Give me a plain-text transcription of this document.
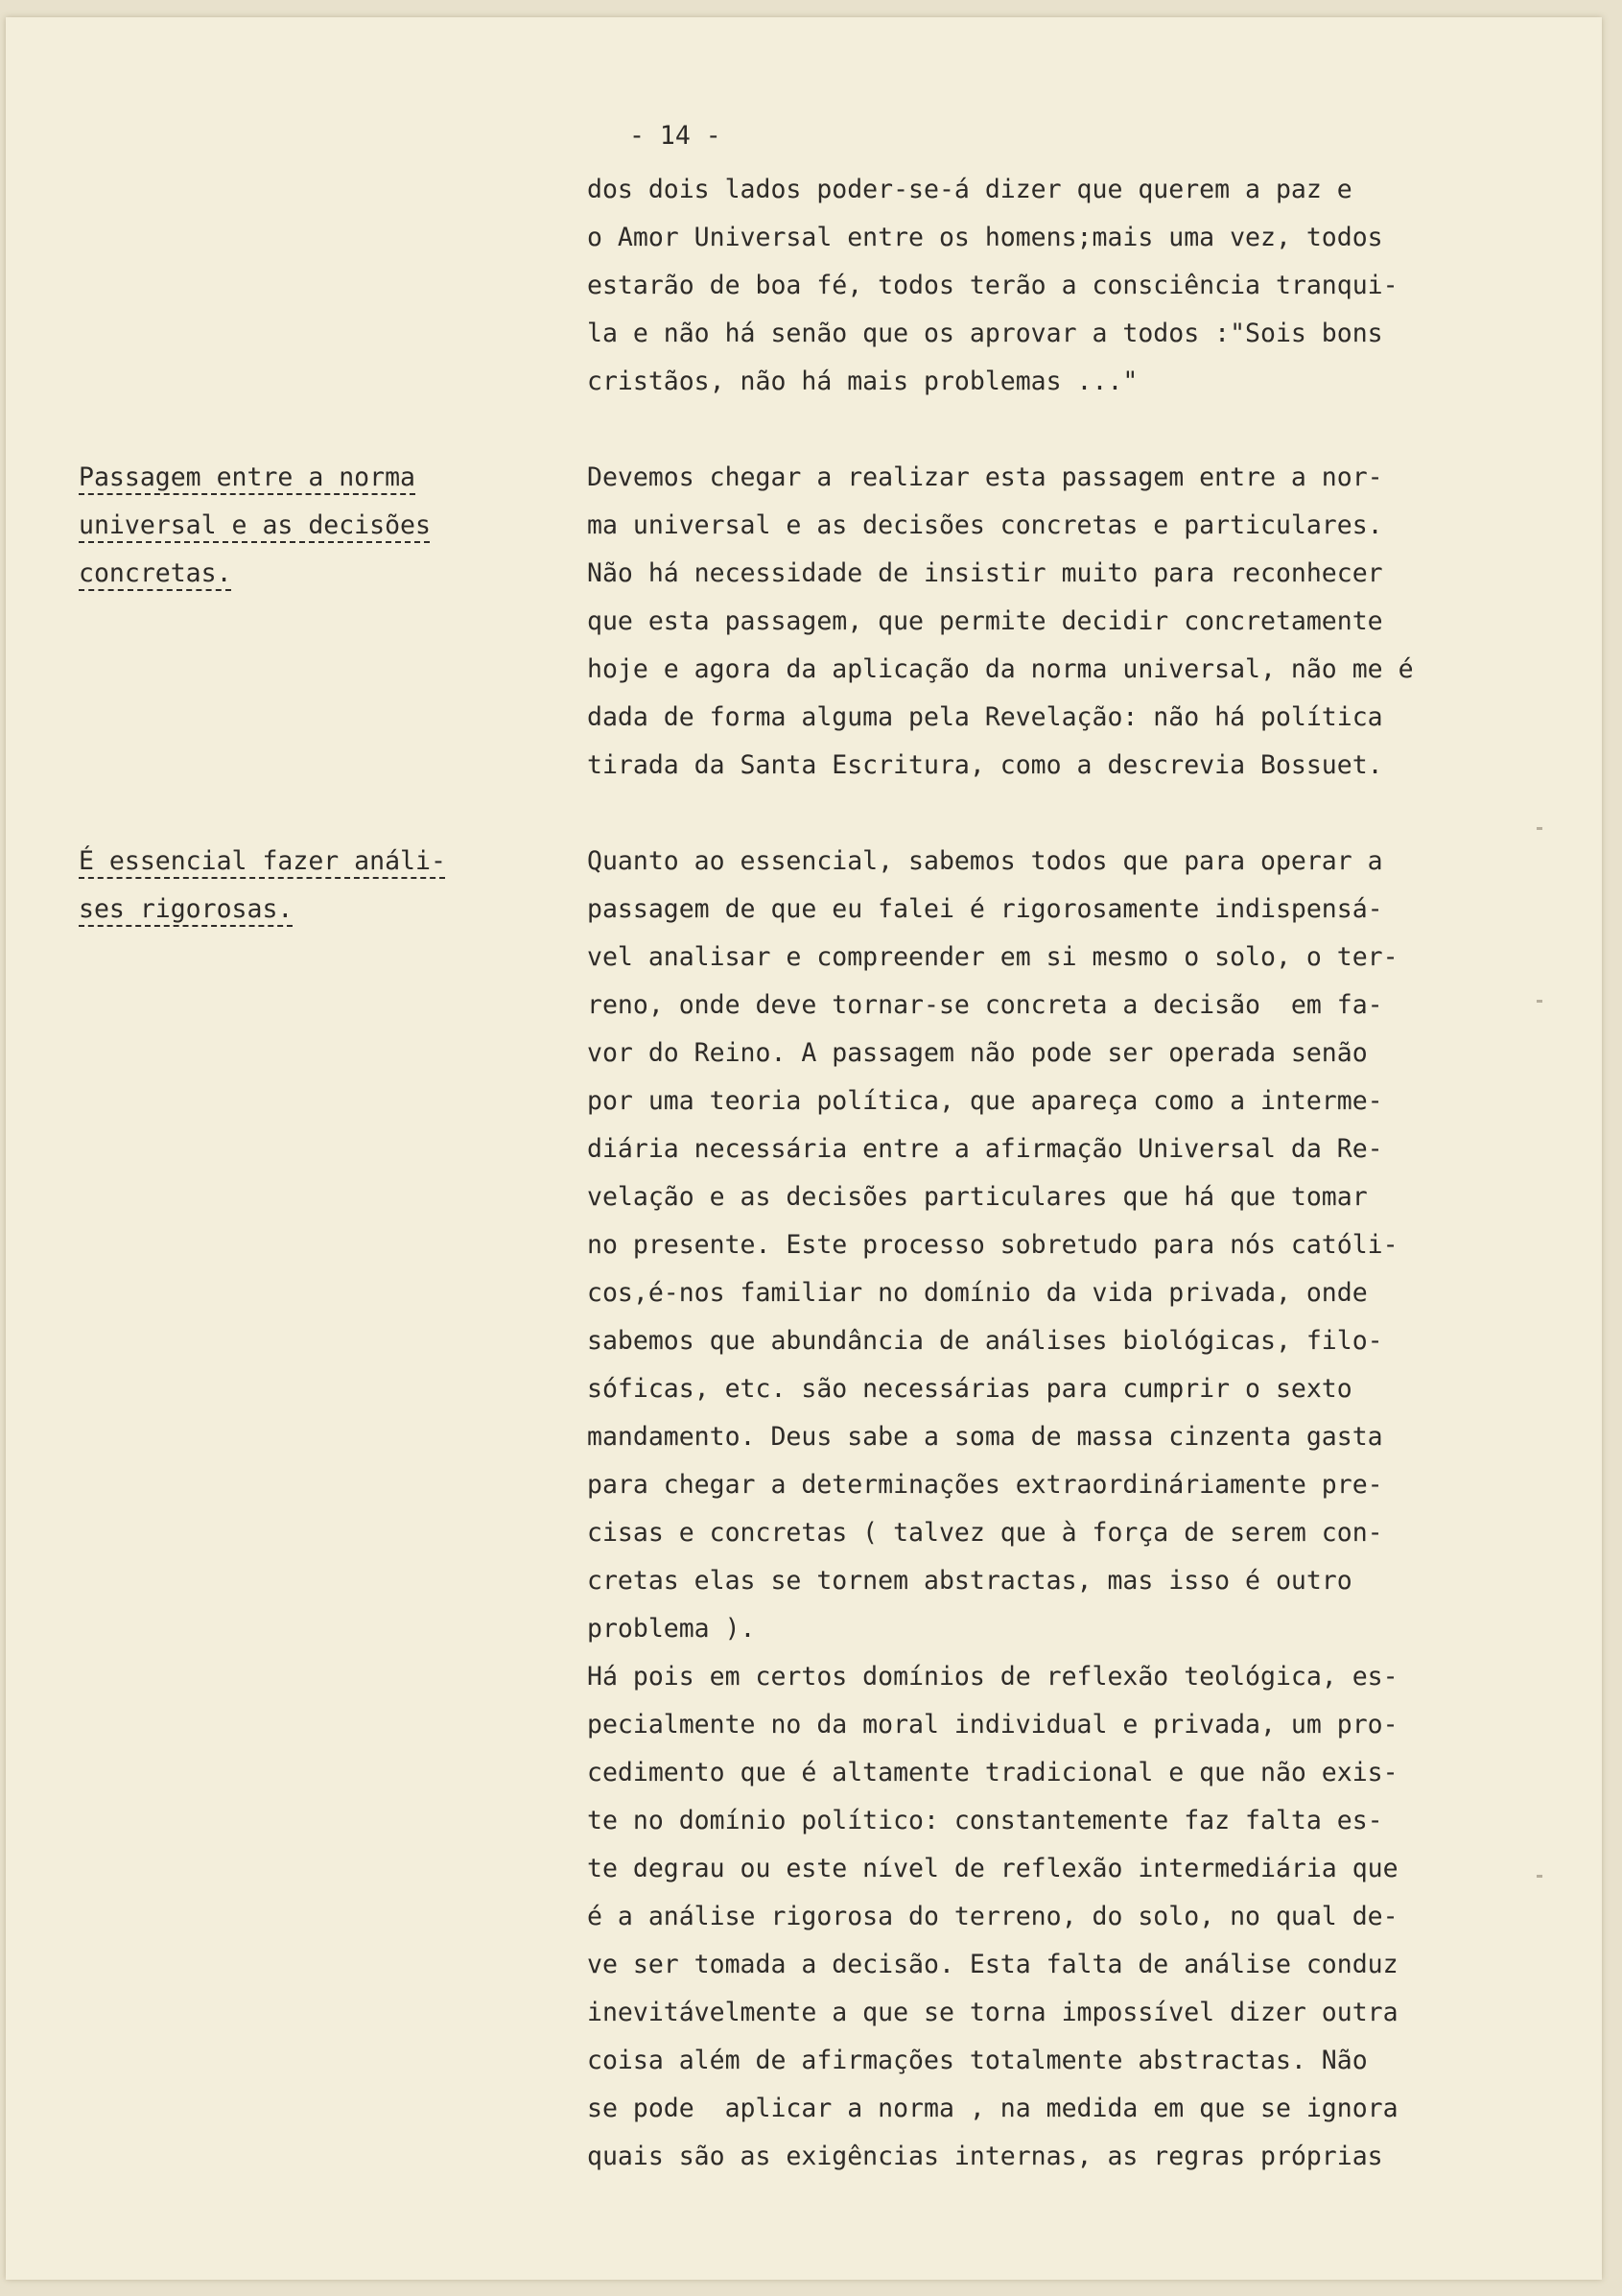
- 14 -
dos dois lados poder-se-á dizer que querem a paz e
o Amor Universal entre os homens;mais uma vez, todos
estarão de boa fé, todos terão a consciência tranqui-
la e não há senão que os aprovar a todos :"Sois bons
cristãos, não há mais problemas ..."
Devemos chegar a realizar esta passagem entre a nor-
ma universal e as decisões concretas e particulares.
Não há necessidade de insistir muito para reconhecer
que esta passagem, que permite decidir concretamente
hoje e agora da aplicação da norma universal, não me é
dada de forma alguma pela Revelação: não há política
tirada da Santa Escritura, como a descrevia Bossuet.
Quanto ao essencial, sabemos todos que para operar a
passagem de que eu falei é rigorosamente indispensá-
vel analisar e compreender em si mesmo o solo, o ter-
reno, onde deve tornar-se concreta a decisão  em fa-
vor do Reino. A passagem não pode ser operada senão
por uma teoria política, que apareça como a interme-
diária necessária entre a afirmação Universal da Re-
velação e as decisões particulares que há que tomar
no presente. Este processo sobretudo para nós católi-
cos,é-nos familiar no domínio da vida privada, onde
sabemos que abundância de análises biológicas, filo-
sóficas, etc. são necessárias para cumprir o sexto
mandamento. Deus sabe a soma de massa cinzenta gasta
para chegar a determinações extraordináriamente pre-
cisas e concretas ( talvez que à força de serem con-
cretas elas se tornem abstractas, mas isso é outro
problema ).
Há pois em certos domínios de reflexão teológica, es-
pecialmente no da moral individual e privada, um pro-
cedimento que é altamente tradicional e que não exis-
te no domínio político: constantemente faz falta es-
te degrau ou este nível de reflexão intermediária que
é a análise rigorosa do terreno, do solo, no qual de-
ve ser tomada a decisão. Esta falta de análise conduz
inevitávelmente a que se torna impossível dizer outra
coisa além de afirmações totalmente abstractas. Não
se pode  aplicar a norma , na medida em que se ignora
quais são as exigências internas, as regras próprias
Passagem entre a norma
universal e as decisões
concretas.
É essencial fazer análi-
ses rigorosas.
